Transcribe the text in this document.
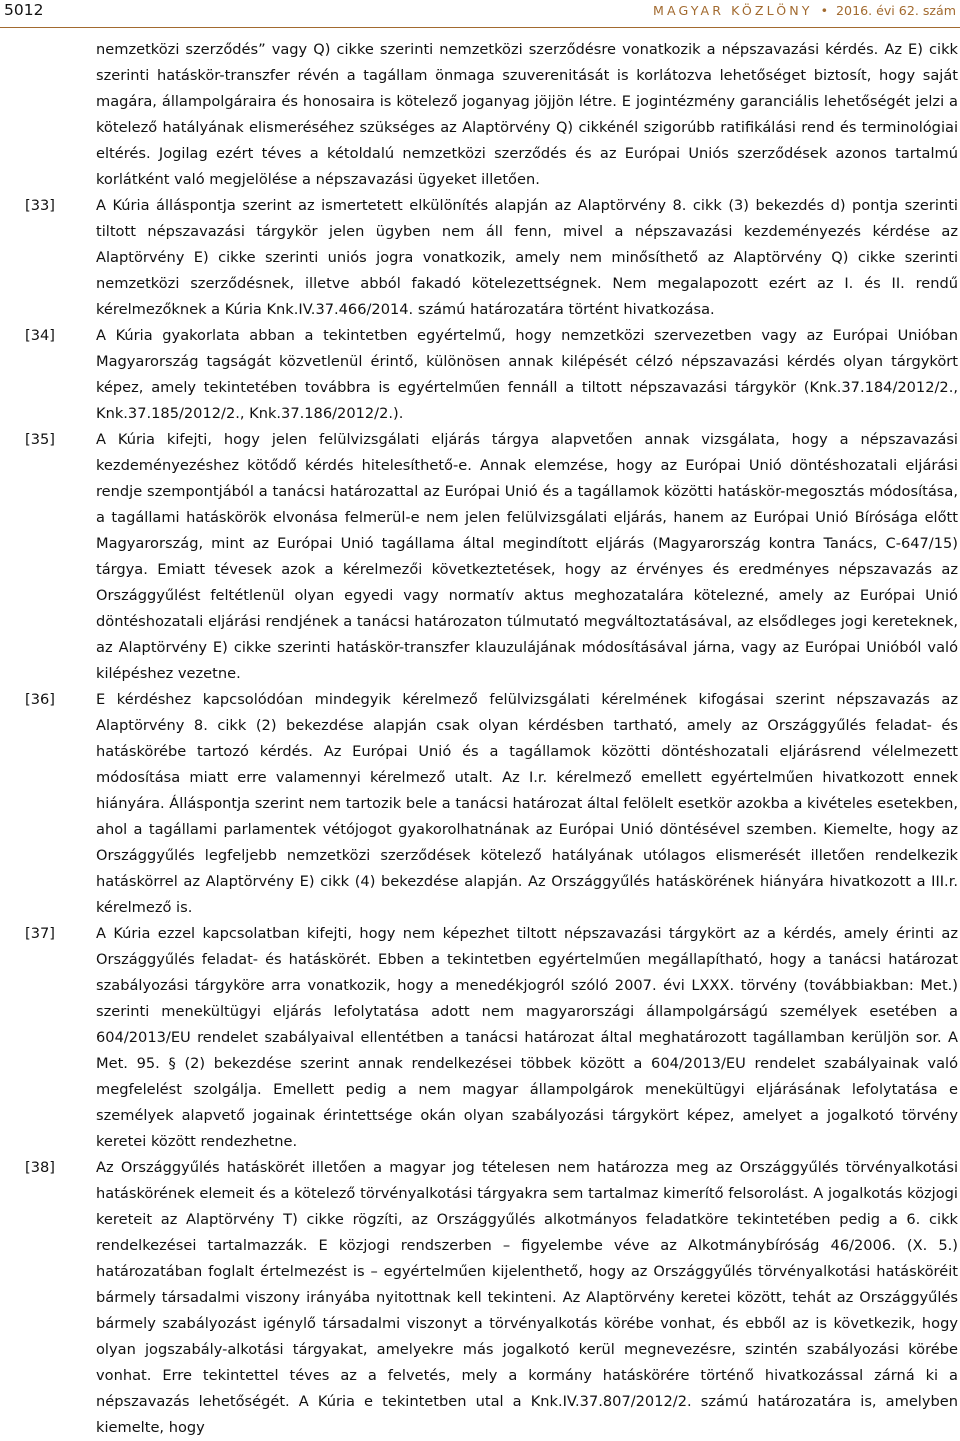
5012	MAGYAR KÖZLÖNY • 2016. évi 62. szám
nemzetközi szerződés” vagy Q) cikke szerinti nemzetközi szerződésre vonatkozik a népszavazási kérdés. Az E) cikk szerinti hatáskör-transzfer révén a tagállam önmaga szuverenitását is korlátozva lehetőséget biztosít, hogy saját magára, állampolgáraira és honosaira is kötelező joganyag jöjjön létre. E jogintézmény garanciális lehetőségét jelzi a kötelező hatályának elismeréséhez szükséges az Alaptörvény Q) cikkénél szigorúbb ratifikálási rend és terminológiai eltérés. Jogilag ezért téves a kétoldalú nemzetközi szerződés és az Európai Uniós szerződések azonos tartalmú korlátként való megjelölése a népszavazási ügyeket illetően.
[33]	A Kúria álláspontja szerint az ismertetett elkülönítés alapján az Alaptörvény 8. cikk (3) bekezdés d) pontja szerinti tiltott népszavazási tárgykör jelen ügyben nem áll fenn, mivel a népszavazási kezdeményezés kérdése az Alaptörvény E) cikke szerinti uniós jogra vonatkozik, amely nem minősíthető az Alaptörvény Q) cikke szerinti nemzetközi szerződésnek, illetve abból fakadó kötelezettségnek. Nem megalapozott ezért az I. és II. rendű kérelmezőknek a Kúria Knk.IV.37.466/2014. számú határozatára történt hivatkozása.
[34]	A Kúria gyakorlata abban a tekintetben egyértelmű, hogy nemzetközi szervezetben vagy az Európai Unióban Magyarország tagságát közvetlenül érintő, különösen annak kilépését célzó népszavazási kérdés olyan tárgykört képez, amely tekintetében továbbra is egyértelműen fennáll a tiltott népszavazási tárgykör (Knk.37.184/2012/2., Knk.37.185/2012/2., Knk.37.186/2012/2.).
[35]	A Kúria kifejti, hogy jelen felülvizsgálati eljárás tárgya alapvetően annak vizsgálata, hogy a népszavazási kezdeményezéshez kötődő kérdés hitelesíthető-e. Annak elemzése, hogy az Európai Unió döntéshozatali eljárási rendje szempontjából a tanácsi határozattal az Európai Unió és a tagállamok közötti hatáskör-megosztás módosítása, a tagállami hatáskörök elvonása felmerül-e nem jelen felülvizsgálati eljárás, hanem az Európai Unió Bírósága előtt Magyarország, mint az Európai Unió tagállama által megindított eljárás (Magyarország kontra Tanács, C-647/15) tárgya. Emiatt tévesek azok a kérelmezői következtetések, hogy az érvényes és eredményes népszavazás az Országgyűlést feltétlenül olyan egyedi vagy normatív aktus meghozatalára kötelezné, amely az Európai Unió döntéshozatali eljárási rendjének a tanácsi határozaton túlmutató megváltoztatásával, az elsődleges jogi kereteknek, az Alaptörvény E) cikke szerinti hatáskör-transzfer klauzulájának módosításával járna, vagy az Európai Unióból való kilépéshez vezetne.
[36]	E kérdéshez kapcsolódóan mindegyik kérelmező felülvizsgálati kérelmének kifogásai szerint népszavazás az Alaptörvény 8. cikk (2) bekezdése alapján csak olyan kérdésben tartható, amely az Országgyűlés feladat- és hatáskörébe tartozó kérdés. Az Európai Unió és a tagállamok közötti döntéshozatali eljárásrend vélelmezett módosítása miatt erre valamennyi kérelmező utalt. Az I.r. kérelmező emellett egyértelműen hivatkozott ennek hiányára. Álláspontja szerint nem tartozik bele a tanácsi határozat által felölelt esetkör azokba a kivételes esetekben, ahol a tagállami parlamentek vétójogot gyakorolhatnának az Európai Unió döntésével szemben. Kiemelte, hogy az Országgyűlés legfeljebb nemzetközi szerződések kötelező hatályának utólagos elismerését illetően rendelkezik hatáskörrel az Alaptörvény E) cikk (4) bekezdése alapján. Az Országgyűlés hatáskörének hiányára hivatkozott a III.r. kérelmező is.
[37]	A Kúria ezzel kapcsolatban kifejti, hogy nem képezhet tiltott népszavazási tárgykört az a kérdés, amely érinti az Országgyűlés feladat- és hatáskörét. Ebben a tekintetben egyértelműen megállapítható, hogy a tanácsi határozat szabályozási tárgyköre arra vonatkozik, hogy a menedékjogról szóló 2007. évi LXXX. törvény (továbbiakban: Met.) szerinti menekültügyi eljárás lefolytatása adott nem magyarországi állampolgárságú személyek esetében a 604/2013/EU rendelet szabályaival ellentétben a tanácsi határozat által meghatározott tagállamban kerüljön sor. A Met. 95. § (2) bekezdése szerint annak rendelkezései többek között a 604/2013/EU rendelet szabályainak való megfelelést szolgálja. Emellett pedig a nem magyar állampolgárok menekültügyi eljárásának lefolytatása e személyek alapvető jogainak érintettsége okán olyan szabályozási tárgykört képez, amelyet a jogalkotó törvény keretei között rendezhetne.
[38]	Az Országgyűlés hatáskörét illetően a magyar jog tételesen nem határozza meg az Országgyűlés törvényalkotási hatáskörének elemeit és a kötelező törvényalkotási tárgyakra sem tartalmaz kimerítő felsorolást. A jogalkotás közjogi kereteit az Alaptörvény T) cikke rögzíti, az Országgyűlés alkotmányos feladatköre tekintetében pedig a 6. cikk rendelkezései tartalmazzák. E közjogi rendszerben – figyelembe véve az Alkotmánybíróság 46/2006. (X. 5.) határozatában foglalt értelmezést is – egyértelműen kijelenthető, hogy az Országgyűlés törvényalkotási hatásköréit bármely társadalmi viszony irányába nyitottnak kell tekinteni. Az Alaptörvény keretei között, tehát az Országgyűlés bármely szabályozást igénylő társadalmi viszonyt a törvényalkotás körébe vonhat, és ebből az is következik, hogy olyan jogszabály-alkotási tárgyakat, amelyekre más jogalkotó kerül megnevezésre, szintén szabályozási körébe vonhat. Erre tekintettel téves az a felvetés, mely a kormány hatáskörére történő hivatkozással zárná ki a népszavazás lehetőségét. A Kúria e tekintetben utal a Knk.IV.37.807/2012/2. számú határozatára is, amelyben kiemelte, hogy
